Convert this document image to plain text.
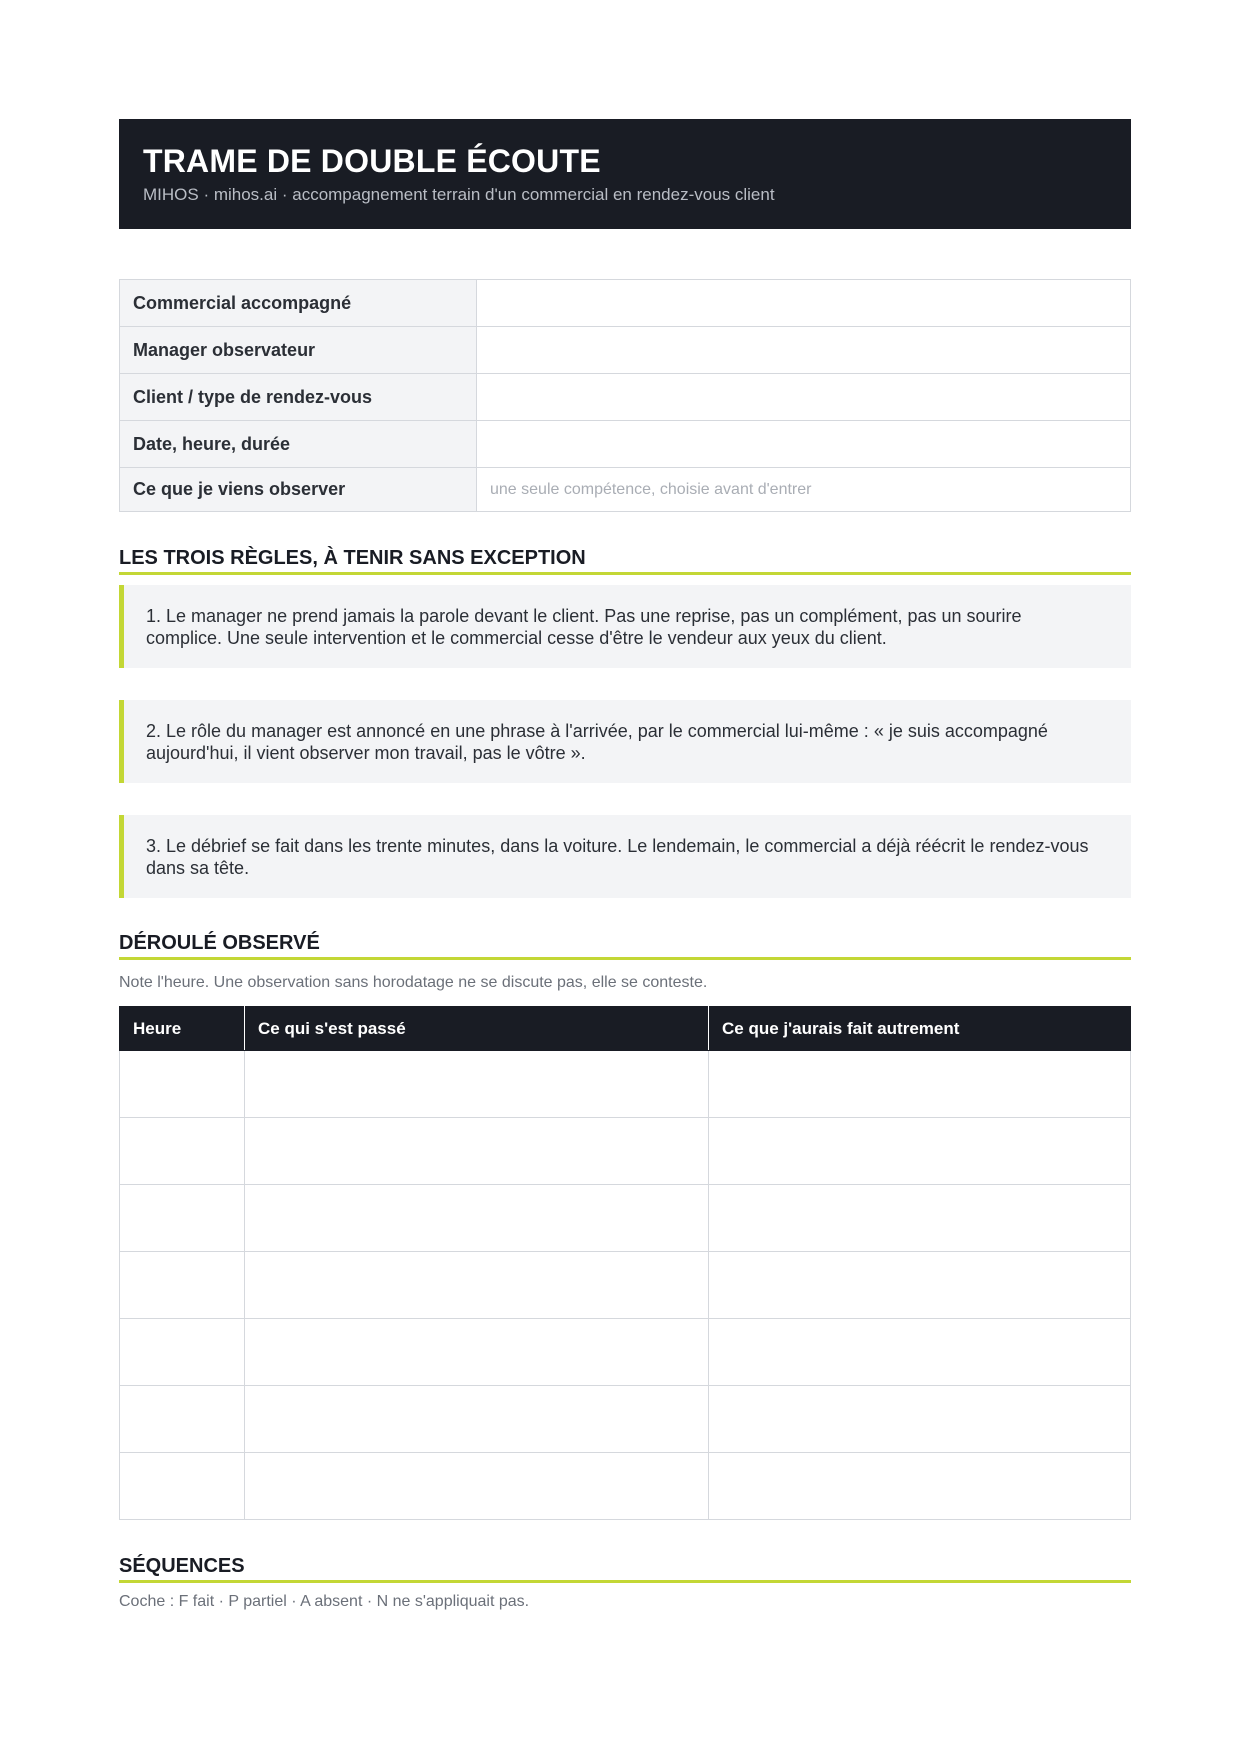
TRAME DE DOUBLE ÉCOUTE
MIHOS · mihos.ai · accompagnement terrain d'un commercial en rendez-vous client
Commercial accompagné	
Manager observateur	
Client / type de rendez-vous	
Date, heure, durée	
Ce que je viens observer	une seule compétence, choisie avant d'entrer
LES TROIS RÈGLES, À TENIR SANS EXCEPTION
1. Le manager ne prend jamais la parole devant le client. Pas une reprise, pas un complément, pas un sourire complice. Une seule intervention et le commercial cesse d'être le vendeur aux yeux du client.
2. Le rôle du manager est annoncé en une phrase à l'arrivée, par le commercial lui-même : « je suis accompagné aujourd'hui, il vient observer mon travail, pas le vôtre ».
3. Le débrief se fait dans les trente minutes, dans la voiture. Le lendemain, le commercial a déjà réécrit le rendez-vous dans sa tête.
DÉROULÉ OBSERVÉ
Note l'heure. Une observation sans horodatage ne se discute pas, elle se conteste.
Heure	Ce qui s'est passé	Ce que j'aurais fait autrement

SÉQUENCES
Coche : F fait · P partiel · A absent · N ne s'appliquait pas.
